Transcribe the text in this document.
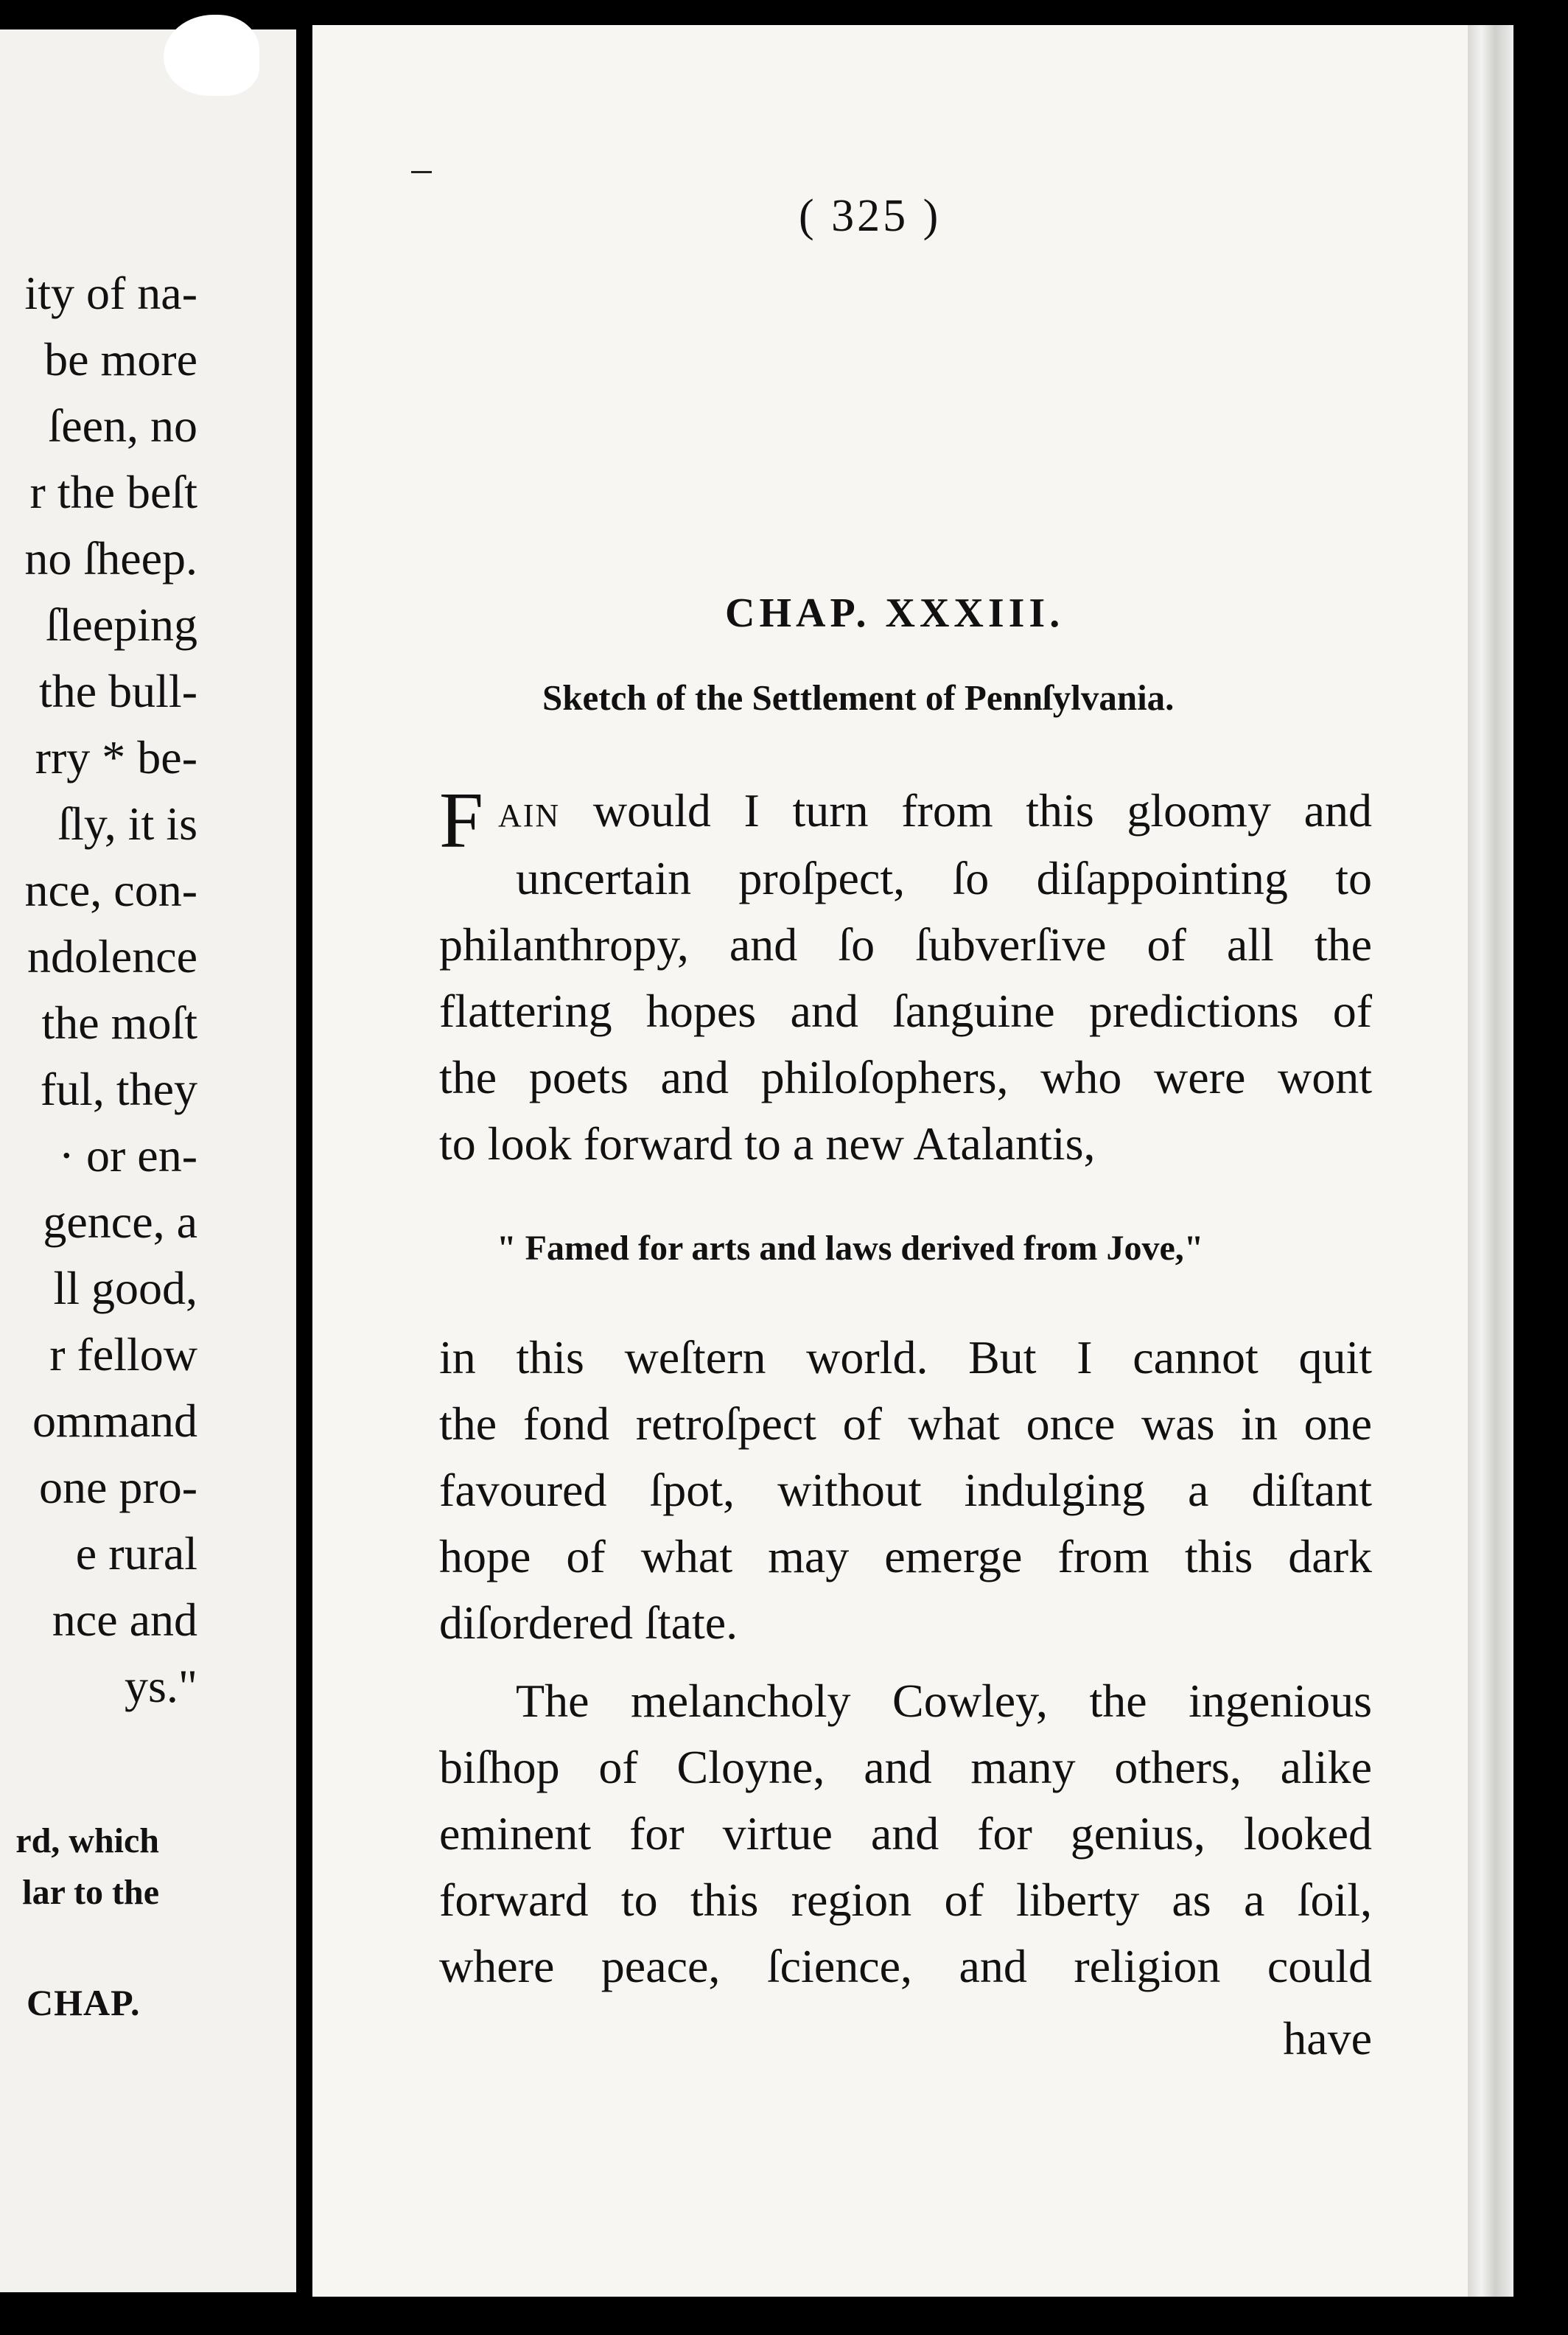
ity of na-
be more
ſeen, no
r the beſt
no ſheep.
ſleeping
the bull-
rry * be-
ſly, it is
nce, con-
ndolence
the moſt
ful, they
· or en-
gence, a
ll good,
r fellow
ommand
one pro-
e rural
nce and
ys."
rd, which
lar to the
CHAP.
( 325 )
CHAP. XXXIII.
Sketch of the Settlement of Pennſylvania.
F AIN would I turn from this gloomy and
uncertain proſpect, ſo diſappointing to
philanthropy, and ſo ſubverſive of all the
flattering hopes and ſanguine predictions of
the poets and philoſophers, who were wont
to look forward to a new Atalantis,
" Famed for arts and laws derived from Jove,"
in this weſtern world. But I cannot quit
the fond retroſpect of what once was in one
favoured ſpot, without indulging a diſtant
hope of what may emerge from this dark
diſordered ſtate.
The melancholy Cowley, the ingenious
biſhop of Cloyne, and many others, alike
eminent for virtue and for genius, looked
forward to this region of liberty as a ſoil,
where peace, ſcience, and religion could
have
